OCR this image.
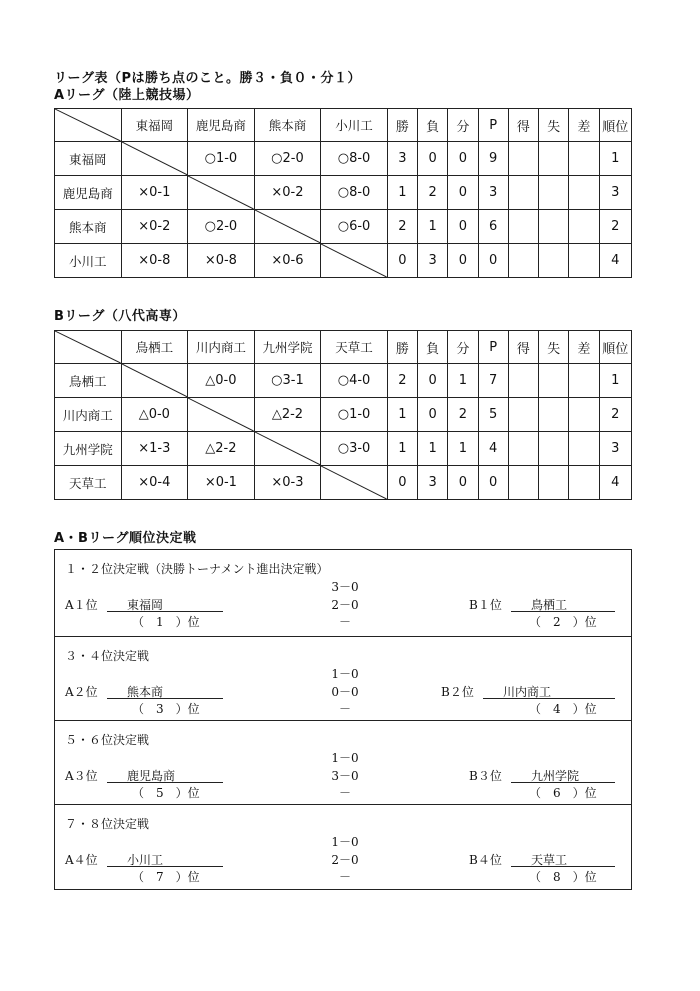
リーグ表（Pは勝ち点のこと。勝３・負０・分１）
Aリーグ（陸上競技場）
	東福岡	鹿児島商	熊本商	小川工	勝	負	分	P	得	失	差	順位
東福岡		○1-0	○2-0	○8-0	3	0	0	9				1
鹿児島商	×0-1		×0-2	○8-0	1	2	0	3				3
熊本商	×0-2	○2-0		○6-0	2	1	0	6				2
小川工	×0-8	×0-8	×0-6		0	3	0	0				4
Bリーグ（八代高専）
	鳥栖工	川内商工	九州学院	天草工	勝	負	分	P	得	失	差	順位
鳥栖工		△0-0	○3-1	○4-0	2	0	1	7				1
川内商工	△0-0		△2-2	○1-0	1	0	2	5				2
九州学院	×1-3	△2-2		○3-0	1	1	1	4				3
天草工	×0-4	×0-1	×0-3		0	3	0	0				4
A・Bリーグ順位決定戦
１・２位決定戦（決勝トーナメント進出決定戦）
3－0
2－0
－
A１位	東福岡
（　1　）位
B１位	鳥栖工
（　2　）位
３・４位決定戦
1－0
0－0
－
A２位	熊本商
（　3　）位
B２位	川内商工
（　4　）位
５・６位決定戦
1－0
3－0
－
A３位	鹿児島商
（　5　）位
B３位	九州学院
（　6　）位
７・８位決定戦
1－0
2－0
－
A４位	小川工
（　7　）位
B４位	天草工
（　8　）位
